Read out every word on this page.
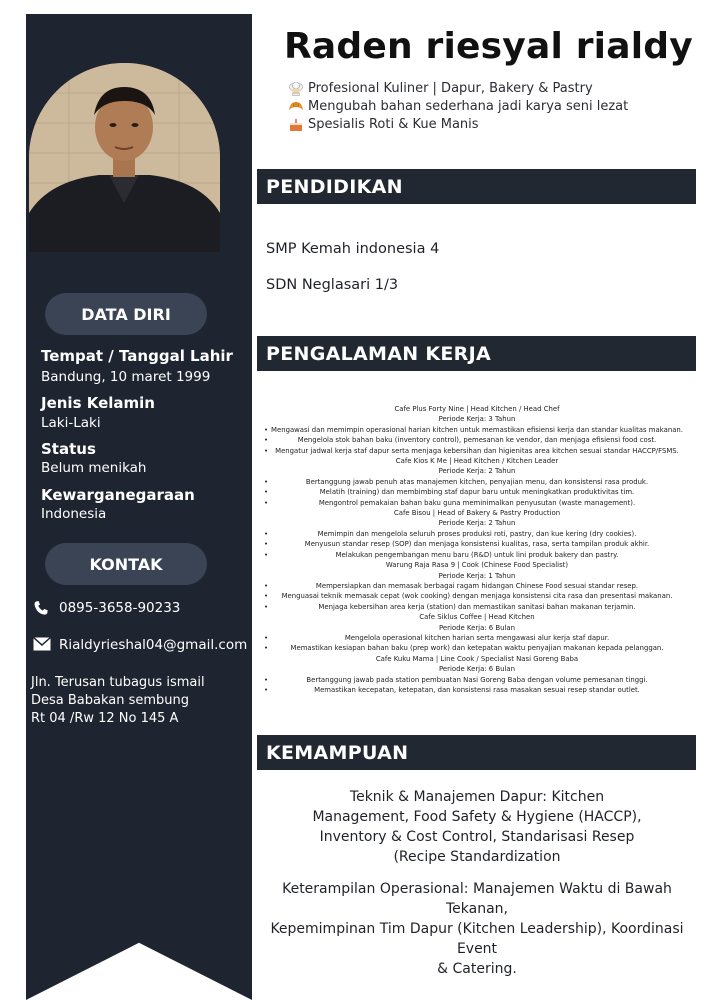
DATA DIRI
Tempat / Tanggal Lahir
Bandung, 10 maret 1999
Jenis Kelamin
Laki-Laki
Status
Belum menikah
Kewarganegaraan
Indonesia
KONTAK
0895-3658-90233
Rialdyrieshal04@gmail.com
Jln. Terusan tubagus ismail
Desa Babakan sembung
Rt 04 /Rw 12 No 145 A
Raden riesyal rialdy
Profesional Kuliner | Dapur, Bakery & Pastry
Mengubah bahan sederhana jadi karya seni lezat
Spesialis Roti & Kue Manis
PENDIDIKAN
SMP Kemah indonesia 4
SDN Neglasari 1/3
PENGALAMAN KERJA
Cafe Plus Forty Nine | Head Kitchen / Head Chef
Periode Kerja: 3 Tahun
• Mengawasi dan memimpin operasional harian kitchen untuk memastikan efisiensi kerja dan standar kualitas makanan.
• Mengelola stok bahan baku (inventory control), pemesanan ke vendor, dan menjaga efisiensi food cost.
• Mengatur jadwal kerja staf dapur serta menjaga kebersihan dan higienitas area kitchen sesuai standar HACCP/FSMS.
Cafe Kios K Me | Head Kitchen / Kitchen Leader
Periode Kerja: 2 Tahun
• Bertanggung jawab penuh atas manajemen kitchen, penyajian menu, dan konsistensi rasa produk.
• Melatih (training) dan membimbing staf dapur baru untuk meningkatkan produktivitas tim.
• Mengontrol pemakaian bahan baku guna meminimalkan penyusutan (waste management).
Cafe Bisou | Head of Bakery & Pastry Production
Periode Kerja: 2 Tahun
• Memimpin dan mengelola seluruh proses produksi roti, pastry, dan kue kering (dry cookies).
• Menyusun standar resep (SOP) dan menjaga konsistensi kualitas, rasa, serta tampilan produk akhir.
• Melakukan pengembangan menu baru (R&D) untuk lini produk bakery dan pastry.
Warung Raja Rasa 9 | Cook (Chinese Food Specialist)
Periode Kerja: 1 Tahun
• Mempersiapkan dan memasak berbagai ragam hidangan Chinese Food sesuai standar resep.
• Menguasai teknik memasak cepat (wok cooking) dengan menjaga konsistensi cita rasa dan presentasi makanan.
• Menjaga kebersihan area kerja (station) dan memastikan sanitasi bahan makanan terjamin.
Cafe Siklus Coffee | Head Kitchen
Periode Kerja: 6 Bulan
• Mengelola operasional kitchen harian serta mengawasi alur kerja staf dapur.
• Memastikan kesiapan bahan baku (prep work) dan ketepatan waktu penyajian makanan kepada pelanggan.
Cafe Kuku Mama | Line Cook / Specialist Nasi Goreng Baba
Periode Kerja: 6 Bulan
• Bertanggung jawab pada station pembuatan Nasi Goreng Baba dengan volume pemesanan tinggi.
• Memastikan kecepatan, ketepatan, dan konsistensi rasa masakan sesuai resep standar outlet.
KEMAMPUAN
Teknik & Manajemen Dapur: Kitchen
Management, Food Safety & Hygiene (HACCP),
Inventory & Cost Control, Standarisasi Resep
(Recipe Standardization
Keterampilan Operasional: Manajemen Waktu di Bawah Tekanan,
Kepemimpinan Tim Dapur (Kitchen Leadership), Koordinasi Event
& Catering.
